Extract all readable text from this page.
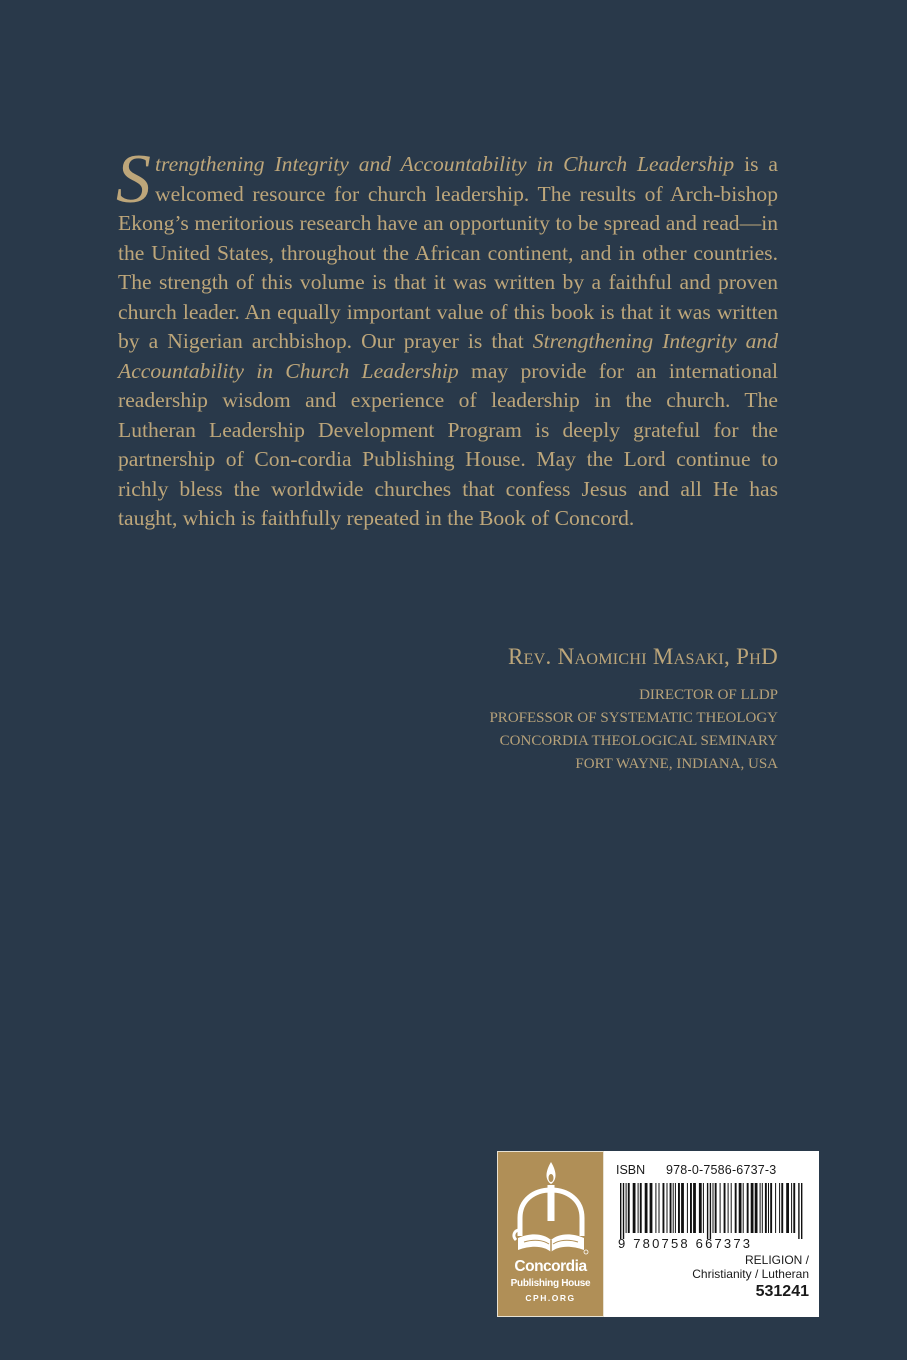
Strengthening Integrity and Accountability in Church Leadership is a welcomed resource for church leadership. The results of Arch-bishop Ekong’s meritorious research have an opportunity to be spread and read—in the United States, throughout the African continent, and in other countries. The strength of this volume is that it was written by a faithful and proven church leader. An equally important value of this book is that it was written by a Nigerian archbishop. Our prayer is that Strengthening Integrity and Accountability in Church Leadership may provide for an international readership wisdom and experience of leadership in the church. The Lutheran Leadership Development Program is deeply grateful for the partnership of Con-cordia Publishing House. May the Lord continue to richly bless the worldwide churches that confess Jesus and all He has taught, which is faithfully repeated in the Book of Concord.

Rev. Naomichi Masaki, PhD
DIRECTOR OF LLDP
PROFESSOR OF SYSTEMATIC THEOLOGY
CONCORDIA THEOLOGICAL SEMINARY
FORT WAYNE, INDIANA, USA
Concordia
Publishing House
CPH.ORG
ISBN 978-0-7586-6737-3
9 780758 667373
RELIGION /
Christianity / Lutheran
531241
